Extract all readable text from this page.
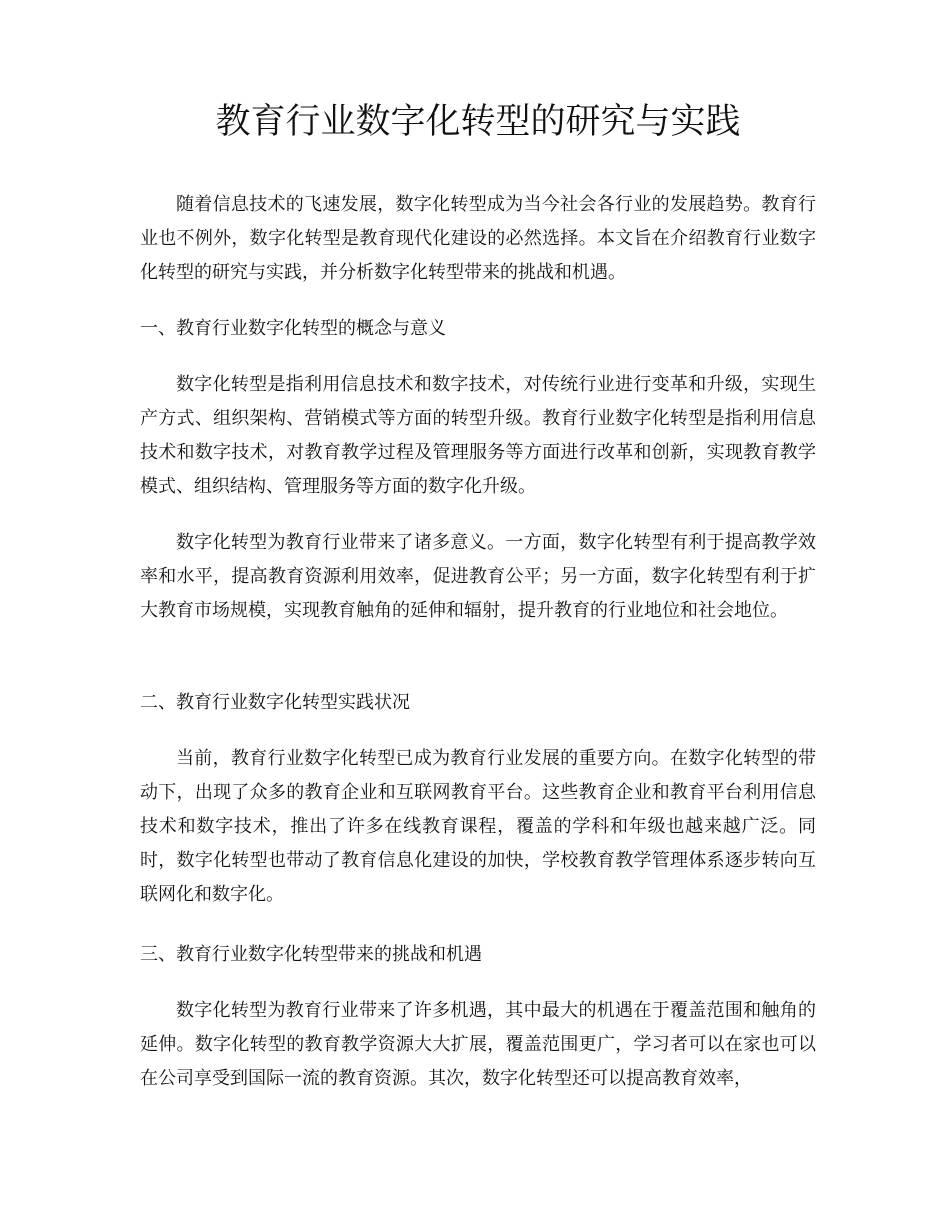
教育行业数字化转型的研究与实践

随着信息技术的飞速发展，数字化转型成为当今社会各行业的发展趋势。教育行业也不例外，数字化转型是教育现代化建设的必然选择。本文旨在介绍教育行业数字化转型的研究与实践，并分析数字化转型带来的挑战和机遇。

一、教育行业数字化转型的概念与意义

数字化转型是指利用信息技术和数字技术，对传统行业进行变革和升级，实现生产方式、组织架构、营销模式等方面的转型升级。教育行业数字化转型是指利用信息技术和数字技术，对教育教学过程及管理服务等方面进行改革和创新，实现教育教学模式、组织结构、管理服务等方面的数字化升级。

数字化转型为教育行业带来了诸多意义。一方面，数字化转型有利于提高教学效率和水平，提高教育资源利用效率，促进教育公平；另一方面，数字化转型有利于扩大教育市场规模，实现教育触角的延伸和辐射，提升教育的行业地位和社会地位。

二、教育行业数字化转型实践状况

当前，教育行业数字化转型已成为教育行业发展的重要方向。在数字化转型的带动下，出现了众多的教育企业和互联网教育平台。这些教育企业和教育平台利用信息技术和数字技术，推出了许多在线教育课程，覆盖的学科和年级也越来越广泛。同时，数字化转型也带动了教育信息化建设的加快，学校教育教学管理体系逐步转向互联网化和数字化。

三、教育行业数字化转型带来的挑战和机遇

数字化转型为教育行业带来了许多机遇，其中最大的机遇在于覆盖范围和触角的延伸。数字化转型的教育教学资源大大扩展，覆盖范围更广，学习者可以在家也可以在公司享受到国际一流的教育资源。其次，数字化转型还可以提高教育效率，
